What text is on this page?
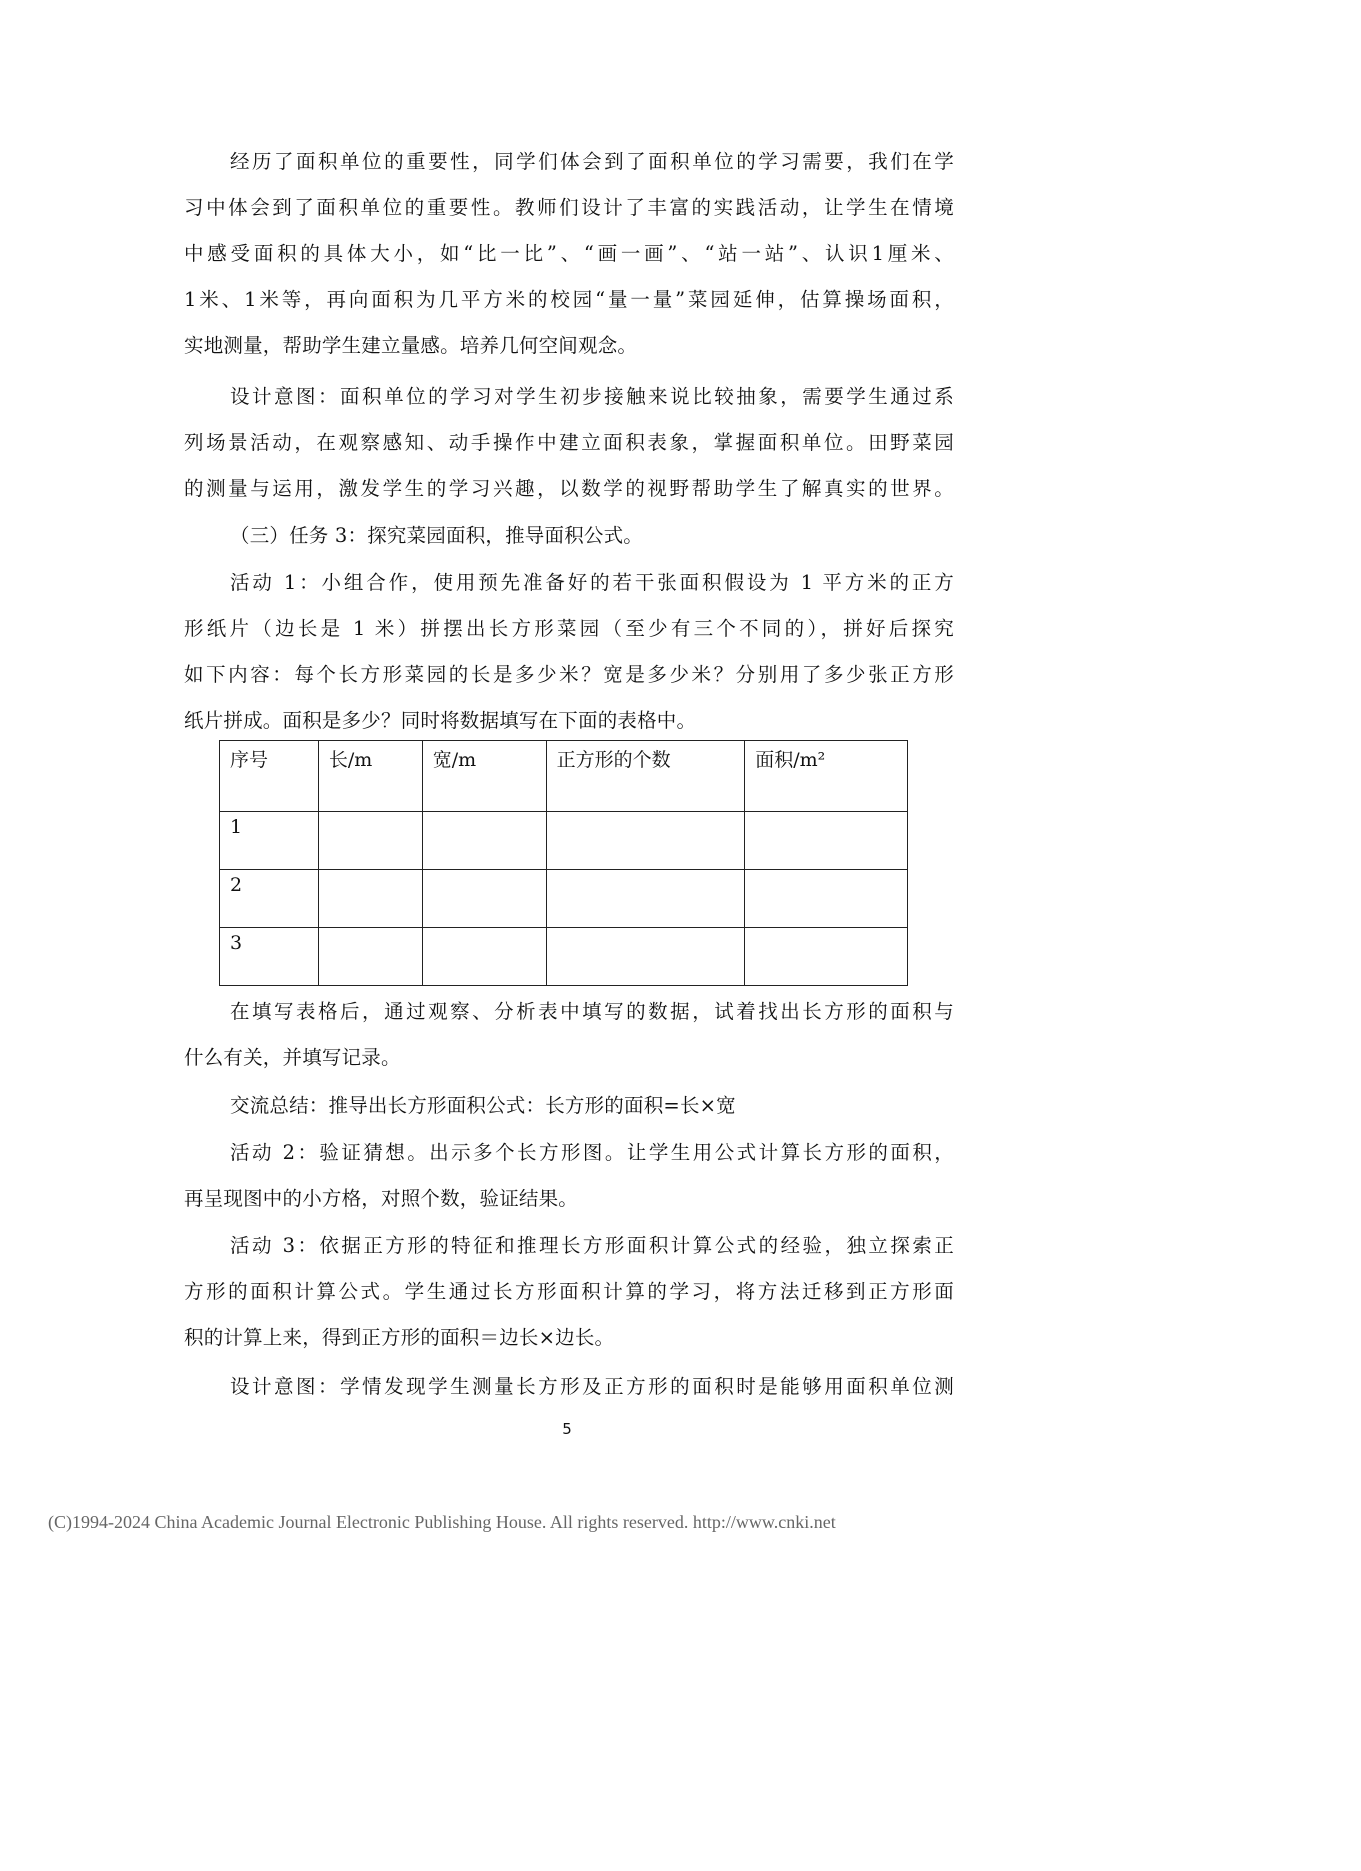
经历了面积单位的重要性，同学们体会到了面积单位的学习需要，我们在学
习中体会到了面积单位的重要性。教师们设计了丰富的实践活动，让学生在情境
中感受面积的具体大小，如“比一比”、“画一画”、“站一站”、认识1厘米、
1米、1米等，再向面积为几平方米的校园“量一量”菜园延伸，估算操场面积，
实地测量，帮助学生建立量感。培养几何空间观念。
设计意图：面积单位的学习对学生初步接触来说比较抽象，需要学生通过系
列场景活动，在观察感知、动手操作中建立面积表象，掌握面积单位。田野菜园
的测量与运用，激发学生的学习兴趣，以数学的视野帮助学生了解真实的世界。
（三）任务 3：探究菜园面积，推导面积公式。
活动 1：小组合作，使用预先准备好的若干张面积假设为 1 平方米的正方
形纸片（边长是 1 米）拼摆出长方形菜园（至少有三个不同的），拼好后探究
如下内容：每个长方形菜园的长是多少米？宽是多少米？分别用了多少张正方形
纸片拼成。面积是多少？同时将数据填写在下面的表格中。
序号	长/m	宽/m	正方形的个数	面积/m²
1				
2				
3				
在填写表格后，通过观察、分析表中填写的数据，试着找出长方形的面积与
什么有关，并填写记录。
交流总结：推导出长方形面积公式：长方形的面积=长×宽
活动 2：验证猜想。出示多个长方形图。让学生用公式计算长方形的面积，
再呈现图中的小方格，对照个数，验证结果。
活动 3：依据正方形的特征和推理长方形面积计算公式的经验，独立探索正
方形的面积计算公式。学生通过长方形面积计算的学习，将方法迁移到正方形面
积的计算上来，得到正方形的面积＝边长×边长。
设计意图：学情发现学生测量长方形及正方形的面积时是能够用面积单位测
5
(C)1994-2024 China Academic Journal Electronic Publishing House. All rights reserved. http://www.cnki.net
